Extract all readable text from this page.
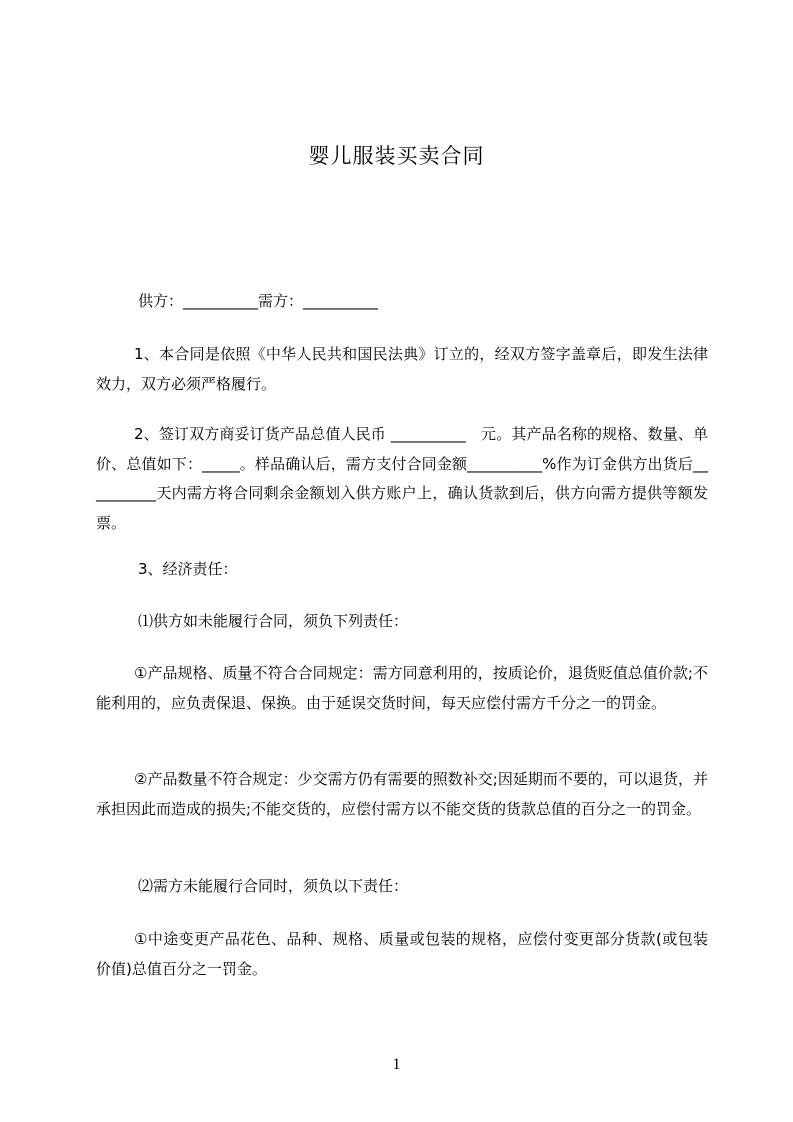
婴儿服装买卖合同
供方：__________需方：__________
1、本合同是依照《中华人民共和国民法典》订立的，经双方签字盖章后，即发生法律效力，双方必须严格履行。
2、签订双方商妥订货产品总值人民币 __________　元。其产品名称的规格、数量、单价、总值如下：_____。样品确认后，需方支付合同金额__________%作为订金供方出货后__________天内需方将合同剩余金额划入供方账户上，确认货款到后，供方向需方提供等额发票。
3、经济责任：
⑴供方如未能履行合同，须负下列责任：
①产品规格、质量不符合合同规定：需方同意利用的，按质论价，退货贬值总值价款;不能利用的，应负责保退、保换。由于延误交货时间，每天应偿付需方千分之一的罚金。
②产品数量不符合规定：少交需方仍有需要的照数补交;因延期而不要的，可以退货，并承担因此而造成的损失;不能交货的，应偿付需方以不能交货的货款总值的百分之一的罚金。
⑵需方未能履行合同时，须负以下责任：
①中途变更产品花色、品种、规格、质量或包装的规格，应偿付变更部分货款(或包装价值)总值百分之一罚金。
1
